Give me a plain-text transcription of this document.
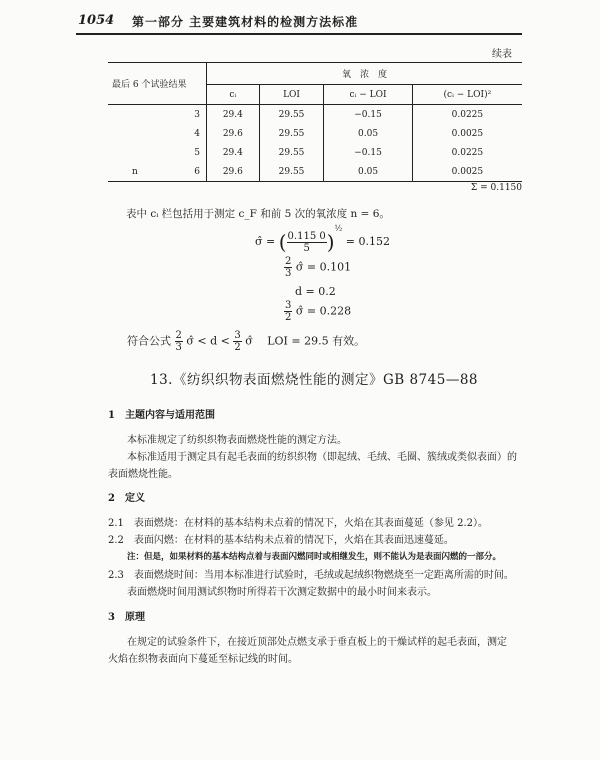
1054 第一部分 主要建筑材料的检测方法标准
续表
最后 6 个试验结果	氧　浓　度			
	cᵢ	LOI	cᵢ − LOI	(cᵢ − LOI)²

3	29.4	29.55	−0.15	0.0225

4	29.6	29.55	0.05	0.0025

5	29.4	29.55	−0.15	0.0225

n 6	29.6	29.55	0.05	0.0025
Σ = 0.1150
表中 cᵢ 栏包括用于测定 c_F 和前 5 次的氧浓度 n = 6。
σ̂ = ( $\frac{0.115 0}{5} )^{\frac{1}{2}} = 0.152$
$\frac{2}{3}$ σ̂ = 0.101
d = 0.2
$\frac{3}{2}$ σ̂ = 0.228
符合公式 $\frac{2}{3}$ σ̂ < $d < \frac{3}{2}$ σ̂　 LOI = 29.5 有效。
13.《纺织织物表面燃烧性能的测定》GB 8745—88
1　主题内容与适用范围
本标准规定了纺织织物表面燃烧性能的测定方法。
本标准适用于测定具有起毛表面的纺织织物（即起绒、毛绒、毛圈、簇绒或类似表面）的
表面燃烧性能。
2　定义
2.1　表面燃烧：在材料的基本结构未点着的情况下，火焰在其表面蔓延（参见 2.2）。
2.2　表面闪燃：在材料的基本结构未点着的情况下，火焰在其表面迅速蔓延。
注：但是，如果材料的基本结构点着与表面闪燃同时或相继发生，则不能认为是表面闪燃的一部分。
2.3　表面燃烧时间：当用本标准进行试验时，毛绒或起绒织物燃烧至一定距离所需的时间。
表面燃烧时间用测试织物时所得若干次测定数据中的最小时间来表示。
3　原理
在规定的试验条件下，在接近顶部处点燃支承于垂直板上的干燥试样的起毛表面，测定
火焰在织物表面向下蔓延至标记线的时间。
